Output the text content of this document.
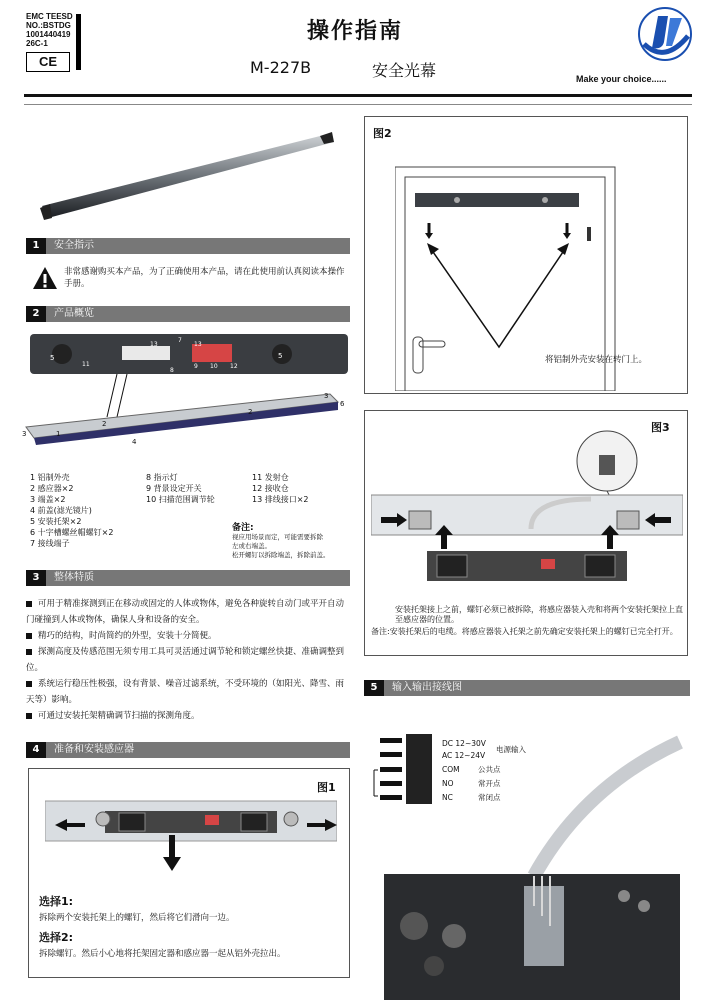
EMC TEESD
NO.:BSTDG
1001440419
26C-1
CE
操作指南
M-227B	安全光幕	Make your choice......
1 安全指示
非常感谢购买本产品，为了正确使用本产品，请在此使用前认真阅读本操作手册。
2 产品概览
5
11
13
7
13
8
9 10 12
5
2
2
3	1
4
3
6
1 铝制外壳
2 感应器×2
3 端盖×2
4 前盖(滤光镜片)
5 安装托架×2
6 十字槽螺丝帽螺钉×2
7 接线端子
8 指示灯
9 背景设定开关
10 扫描范围调节轮
11 发射仓
12 接收仓
13 排线接口×2
备注:
视应用场景而定，可能需要拆除
左或右端盖。
松开螺钉以拆除端盖，拆除前盖。
3 整体特质
可用于精准探测到正在移动或固定的人体或物体，避免各种旋转自动门或平开自动门碰撞到人体或物体，确保人身和设备的安全。
精巧的结构，时尚简约的外型，安装十分简便。
探测高度及传感范围无须专用工具可灵活通过调节轮和锁定螺丝快捷、准确调整到位。
系统运行稳压性极强，设有背景、噪音过滤系统，不受环境的（如阳光、降雪、雨天等）影响。
可通过安装托架精确调节扫描的探测角度。
4 准备和安装感应器
图1
选择1:
拆除两个安装托架上的螺钉，然后将它们滑向一边。
选择2:
拆除螺钉。然后小心地将托架固定器和感应器一起从铝外壳拉出。
图2
将铝制外壳安装在转门上。
图3
安装托架接上之前，螺钉必须已被拆除，将感应器装入壳和将两个安装托架拉上直至感应器的位置。
备注:安装托架后的电缆。将感应器装入托架之前先确定安装托架上的螺钉已完全打开。
5 输入输出接线图
DC 12~30V
AC 12~24V
电源输入
COM 公共点
NO	常开点
NC	常闭点
